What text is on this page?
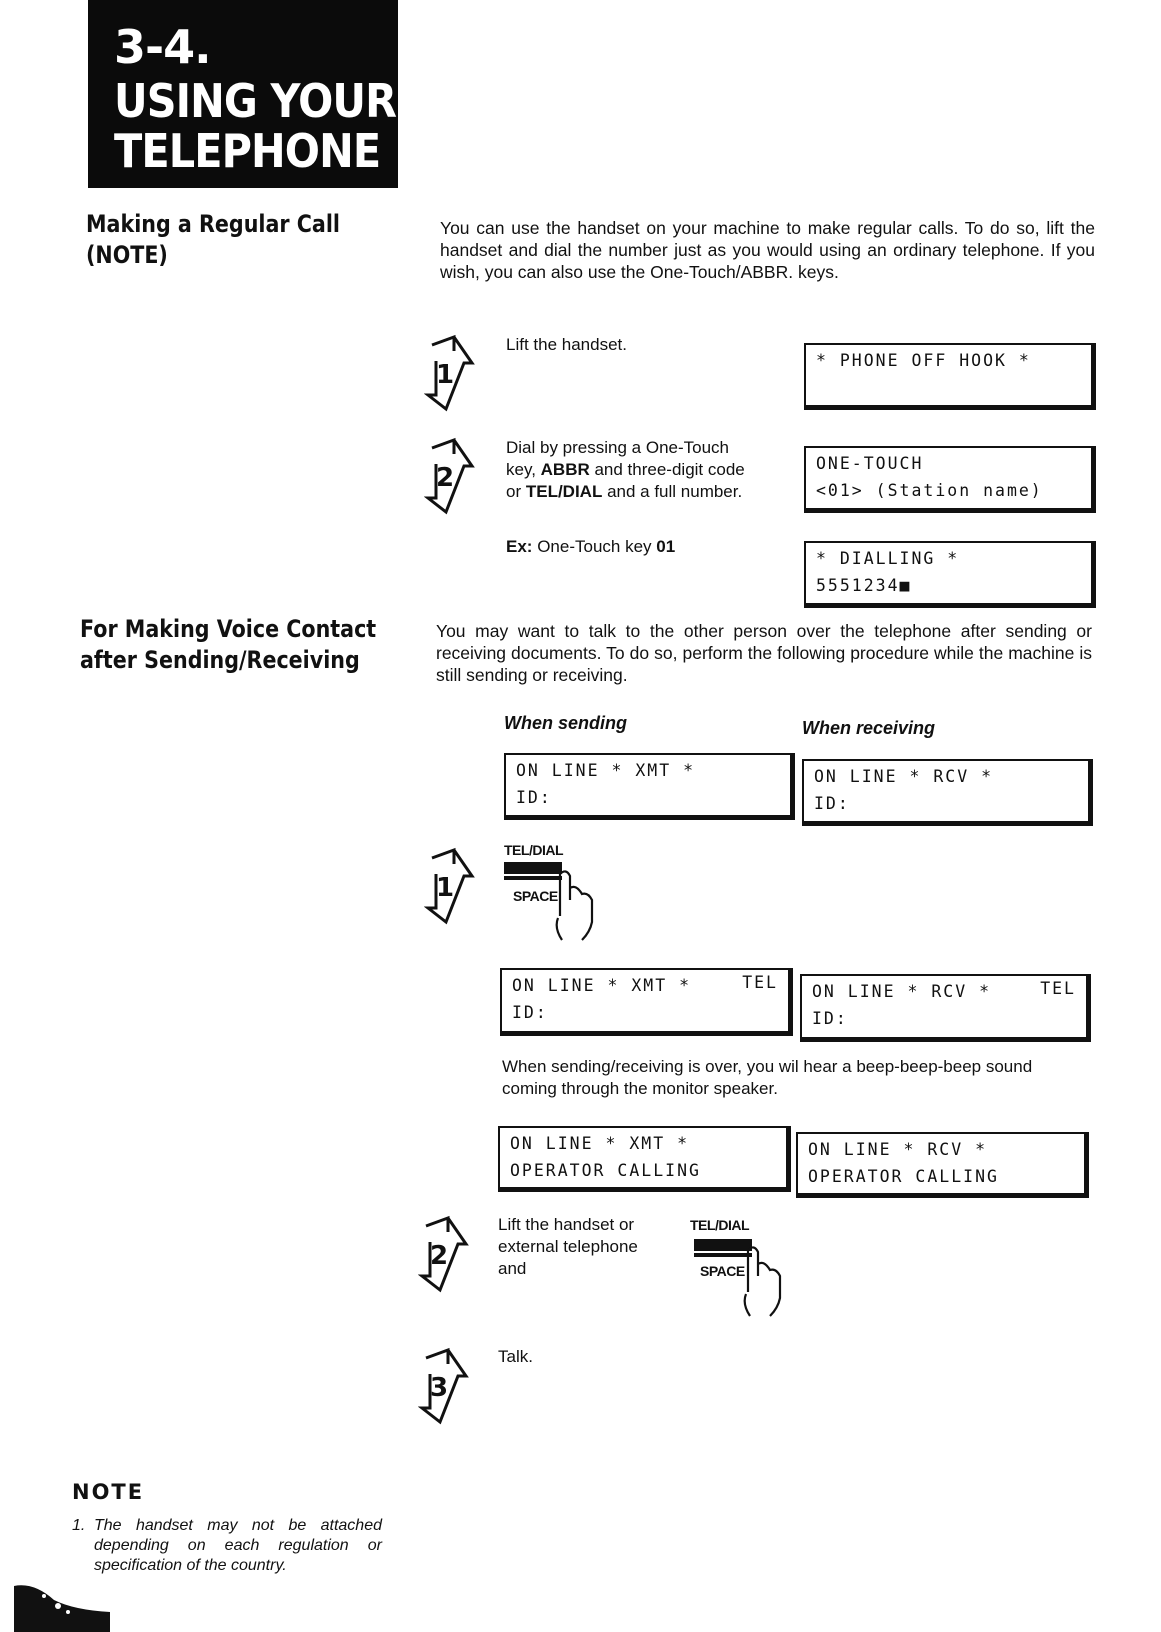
3-4.
USING YOUR
TELEPHONE
Making a Regular Call
(NOTE)
You can use the handset on your machine to make regular calls. To do so, lift the handset and dial the number just as you would using an ordinary telephone. If you wish, you can also use the One-Touch/ABBR. keys.
1
Lift the handset.
* PHONE OFF HOOK *
2
Dial by pressing a One-Touch key, ABBR and three-digit code or TEL/DIAL and a full number.
Ex: One-Touch key 01
ONE-TOUCH
<01> (Station name)
* DIALLING *
5551234■
For Making Voice Contact
after Sending/Receiving
You may want to talk to the other person over the telephone after sending or receiving documents. To do so, perform the following procedure while the machine is still sending or receiving.
When sending	When receiving
ON LINE * XMT *
ID:
ON LINE * RCV *
ID:
1
TEL/DIAL
SPACE
ON LINE * XMT *
ID:
TEL ON LINE * RCV *
ID:
TEL
When sending/receiving is over, you wil hear a beep-beep-beep sound coming through the monitor speaker.
ON LINE * XMT *
OPERATOR CALLING
ON LINE * RCV *
OPERATOR CALLING
2
Lift the handset or external telephone and
TEL/DIAL
SPACE
3
Talk.
NOTE
1. The handset may not be attached depending on each regulation or specification of the country.
